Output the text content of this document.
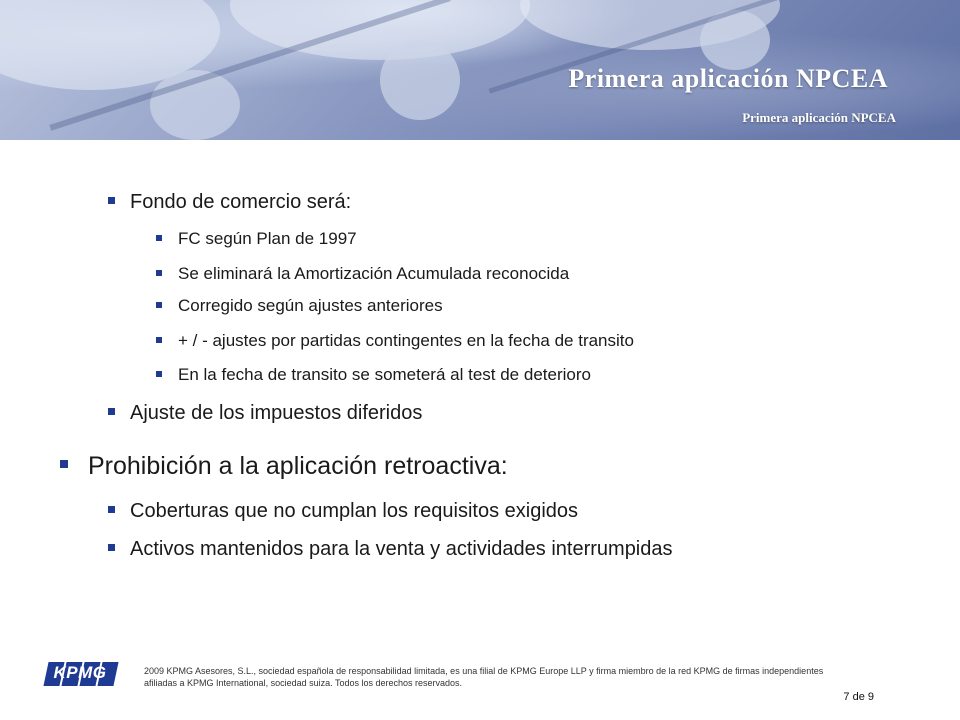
Primera aplicación NPCEA
Primera aplicación NPCEA
Fondo de comercio será:
FC según Plan de 1997
Se eliminará la Amortización Acumulada reconocida
Corregido según ajustes anteriores
+ / - ajustes por partidas contingentes en la fecha de transito
En la fecha de transito se someterá al test de deterioro
Ajuste de los impuestos diferidos
Prohibición a la aplicación retroactiva:
Coberturas que no cumplan los requisitos exigidos
Activos mantenidos para la venta y actividades interrumpidas
KPMG	2009 KPMG Asesores, S.L., sociedad española de responsabilidad limitada, es una filial de KPMG Europe LLP y firma miembro de la red KPMG de firmas independientes afiliadas a KPMG International, sociedad suiza. Todos los derechos reservados.
7 de 9
